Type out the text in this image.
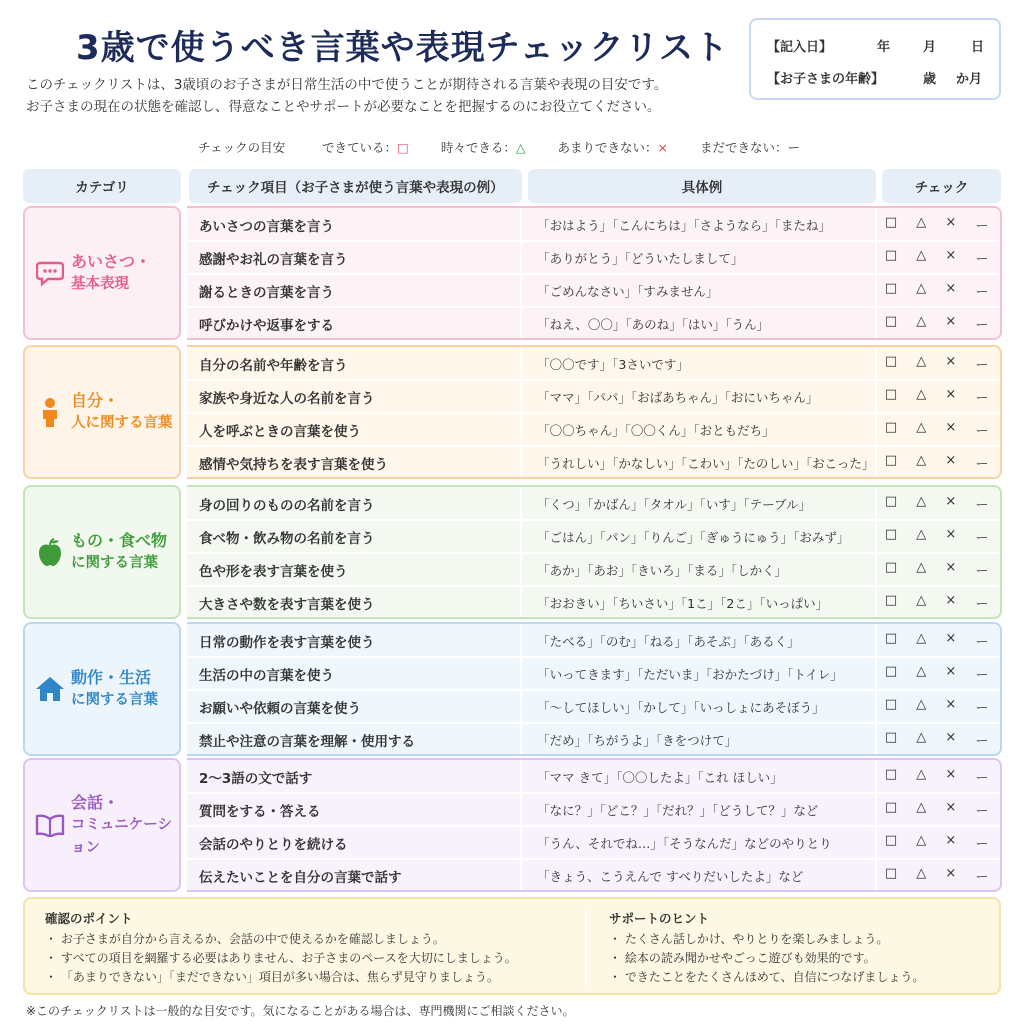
3歳で使うべき言葉や表現チェックリスト
このチェックリストは、3歳頃のお子さまが日常生活の中で使うことが期待される言葉や表現の目安です。
お子さまの現在の状態を確認し、得意なことやサポートが必要なことを把握するのにお役立てください。
【記入日】	年	月	日
【お子さまの年齢】	歳 か月
チェックの目安	できている：□	時々できる：△	あまりできない：×	まだできない：ー
カテゴリ	チェック項目（お子さまが使う言葉や表現の例）	具体例	チェック
あいさつ・
基本表現
あいさつの言葉を言う	「おはよう」「こんにちは」「さようなら」「またね」	□ △ × ー
感謝やお礼の言葉を言う	「ありがとう」「どういたしまして」	□ △ × ー
謝るときの言葉を言う	「ごめんなさい」「すみません」	□ △ × ー
呼びかけや返事をする	「ねえ、〇〇」「あのね」「はい」「うん」	□ △ × ー
自分・
人に関する言葉
自分の名前や年齢を言う	「〇〇です」「3さいです」	□ △ × ー
家族や身近な人の名前を言う	「ママ」「パパ」「おばあちゃん」「おにいちゃん」	□ △ × ー
人を呼ぶときの言葉を使う	「〇〇ちゃん」「〇〇くん」「おともだち」	□ △ × ー
感情や気持ちを表す言葉を使う	「うれしい」「かなしい」「こわい」「たのしい」「おこった」 □ △ × ー
もの・食べ物
に関する言葉
身の回りのものの名前を言う	「くつ」「かばん」「タオル」「いす」「テーブル」	□ △ × ー
食べ物・飲み物の名前を言う	「ごはん」「パン」「りんご」「ぎゅうにゅう」「おみず」	□ △ × ー
色や形を表す言葉を使う	「あか」「あお」「きいろ」「まる」「しかく」	□ △ × ー
大きさや数を表す言葉を使う	「おおきい」「ちいさい」「1こ」「2こ」「いっぱい」	□ △ × ー
動作・生活
に関する言葉
日常の動作を表す言葉を使う	「たべる」「のむ」「ねる」「あそぶ」「あるく」	□ △ × ー
生活の中の言葉を使う	「いってきます」「ただいま」「おかたづけ」「トイレ」	□ △ × ー
お願いや依頼の言葉を使う	「〜してほしい」「かして」「いっしょにあそぼう」	□ △ × ー
禁止や注意の言葉を理解・使用する	「だめ」「ちがうよ」「きをつけて」	□ △ × ー
会話・
コミュニケーション
2〜3語の文で話す	「ママ きて」「〇〇したよ」「これ ほしい」	□ △ × ー
質問をする・答える	「なに？」「どこ？」「だれ？」「どうして？」など	□ △ × ー
会話のやりとりを続ける	「うん、それでね…」「そうなんだ」などのやりとり	□ △ × ー
伝えたいことを自分の言葉で話す	「きょう、こうえんで すべりだいしたよ」など	□ △ × ー
確認のポイント
・ お子さまが自分から言えるか、会話の中で使えるかを確認しましょう。
・ すべての項目を網羅する必要はありません、お子さまのペースを大切にしましょう。
・ 「あまりできない」「まだできない」項目が多い場合は、焦らず見守りましょう。
サポートのヒント
・ たくさん話しかけ、やりとりを楽しみましょう。
・ 絵本の読み聞かせやごっこ遊びも効果的です。
・ できたことをたくさんほめて、自信につなげましょう。
※このチェックリストは一般的な目安です。気になることがある場合は、専門機関にご相談ください。
